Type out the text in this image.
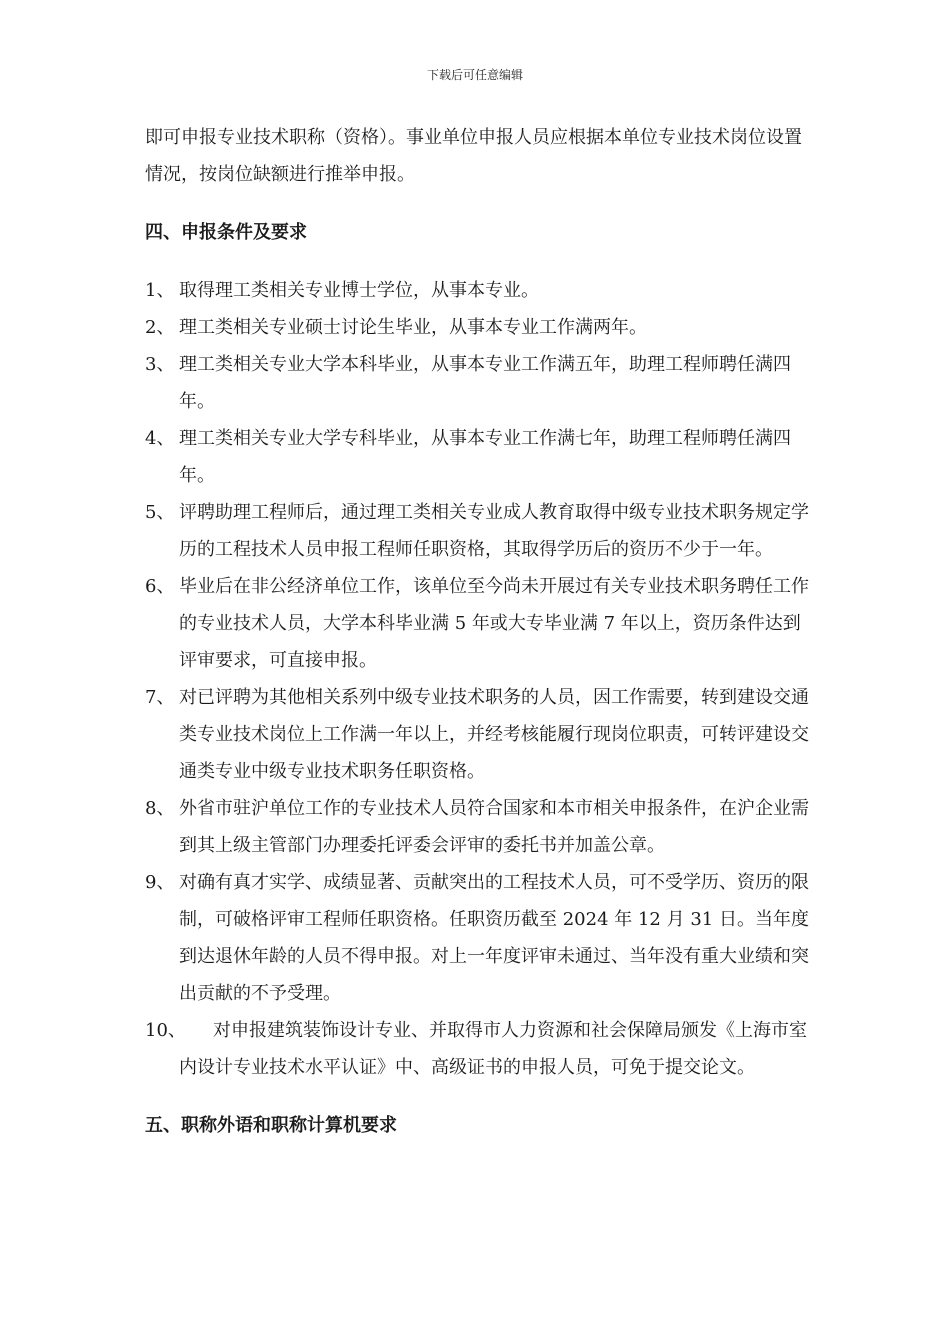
下载后可任意编辑

即可申报专业技术职称（资格）。事业单位申报人员应根据本单位专业技术岗位设置情况，按岗位缺额进行推举申报。

四、申报条件及要求

1、 取得理工类相关专业博士学位，从事本专业。
2、 理工类相关专业硕士讨论生毕业，从事本专业工作满两年。
3、 理工类相关专业大学本科毕业，从事本专业工作满五年，助理工程师聘任满四年。
4、 理工类相关专业大学专科毕业，从事本专业工作满七年，助理工程师聘任满四年。
5、 评聘助理工程师后，通过理工类相关专业成人教育取得中级专业技术职务规定学历的工程技术人员申报工程师任职资格，其取得学历后的资历不少于一年。
6、 毕业后在非公经济单位工作，该单位至今尚未开展过有关专业技术职务聘任工作的专业技术人员，大学本科毕业满 5 年或大专毕业满 7 年以上，资历条件达到评审要求，可直接申报。
7、 对已评聘为其他相关系列中级专业技术职务的人员，因工作需要，转到建设交通类专业技术岗位上工作满一年以上，并经考核能履行现岗位职责，可转评建设交通类专业中级专业技术职务任职资格。
8、 外省市驻沪单位工作的专业技术人员符合国家和本市相关申报条件，在沪企业需到其上级主管部门办理委托评委会评审的委托书并加盖公章。
9、 对确有真才实学、成绩显著、贡献突出的工程技术人员，可不受学历、资历的限制，可破格评审工程师任职资格。任职资历截至 2024 年 12 月 31 日。当年度到达退休年龄的人员不得申报。对上一年度评审未通过、当年没有重大业绩和突出贡献的不予受理。
10、 对申报建筑装饰设计专业、并取得市人力资源和社会保障局颁发《上海市室内设计专业技术水平认证》中、高级证书的申报人员，可免于提交论文。

五、职称外语和职称计算机要求
